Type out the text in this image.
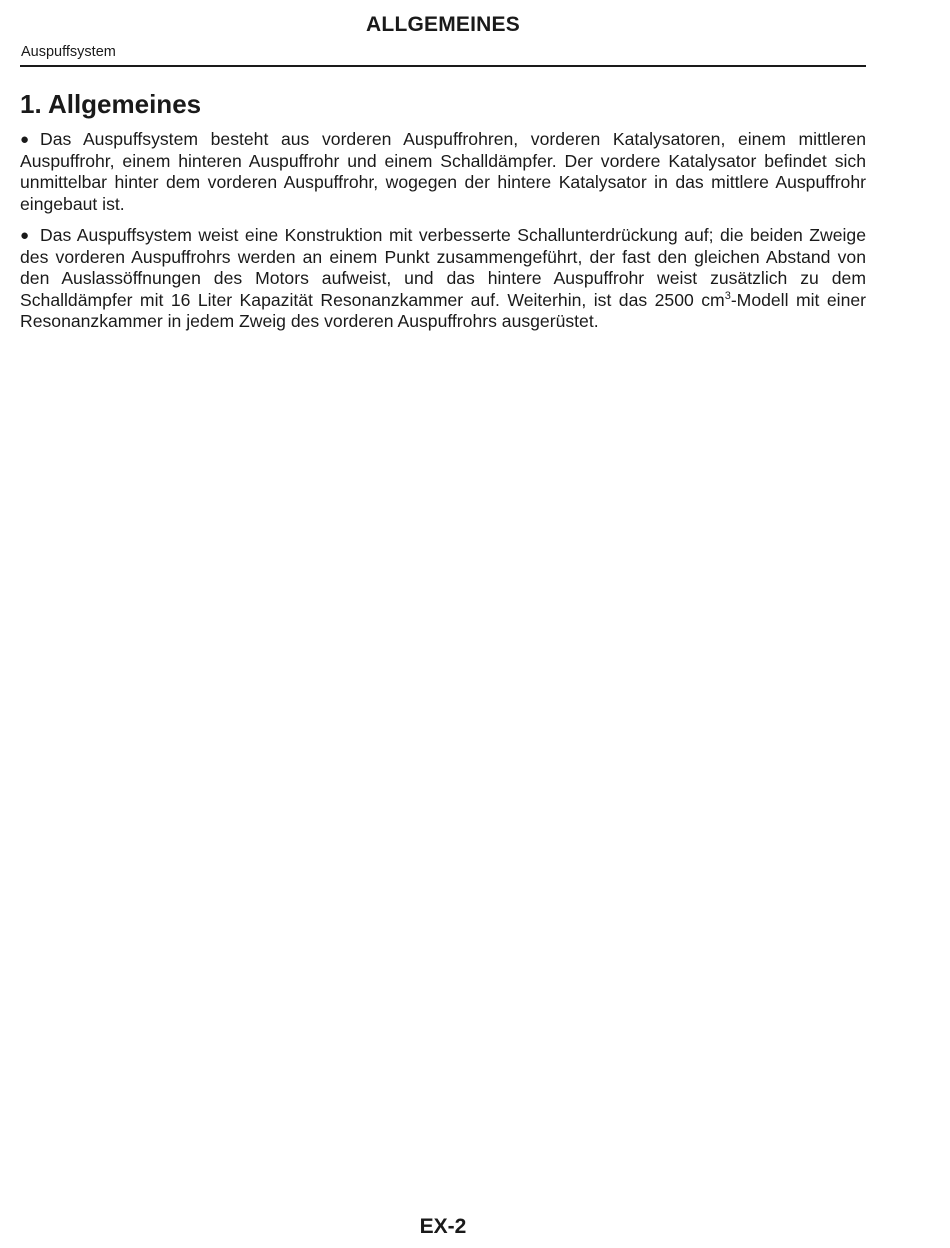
ALLGEMEINES
Auspuffsystem
1. Allgemeines

● Das Auspuffsystem besteht aus vorderen Auspuffrohren, vorderen Katalysatoren, einem mittleren Auspuffrohr, einem hinteren Auspuffrohr und einem Schalldämpfer. Der vordere Katalysator befindet sich unmittelbar hinter dem vorderen Auspuffrohr, wogegen der hintere Katalysator in das mittlere Auspuffrohr eingebaut ist.

● Das Auspuffsystem weist eine Konstruktion mit verbesserte Schallunterdrückung auf; die beiden Zweige des vorderen Auspuffrohrs werden an einem Punkt zusammengeführt, der fast den gleichen Abstand von den Auslassöffnungen des Motors aufweist, und das hintere Auspuffrohr weist zusätzlich zu dem Schalldämpfer mit 16 Liter Kapazität Resonanzkammer auf. Weiterhin, ist das 2500 $cm^3$-Modell mit einer Resonanzkammer in jedem Zweig des vorderen Auspuffrohrs ausgerüstet.

EX-2
